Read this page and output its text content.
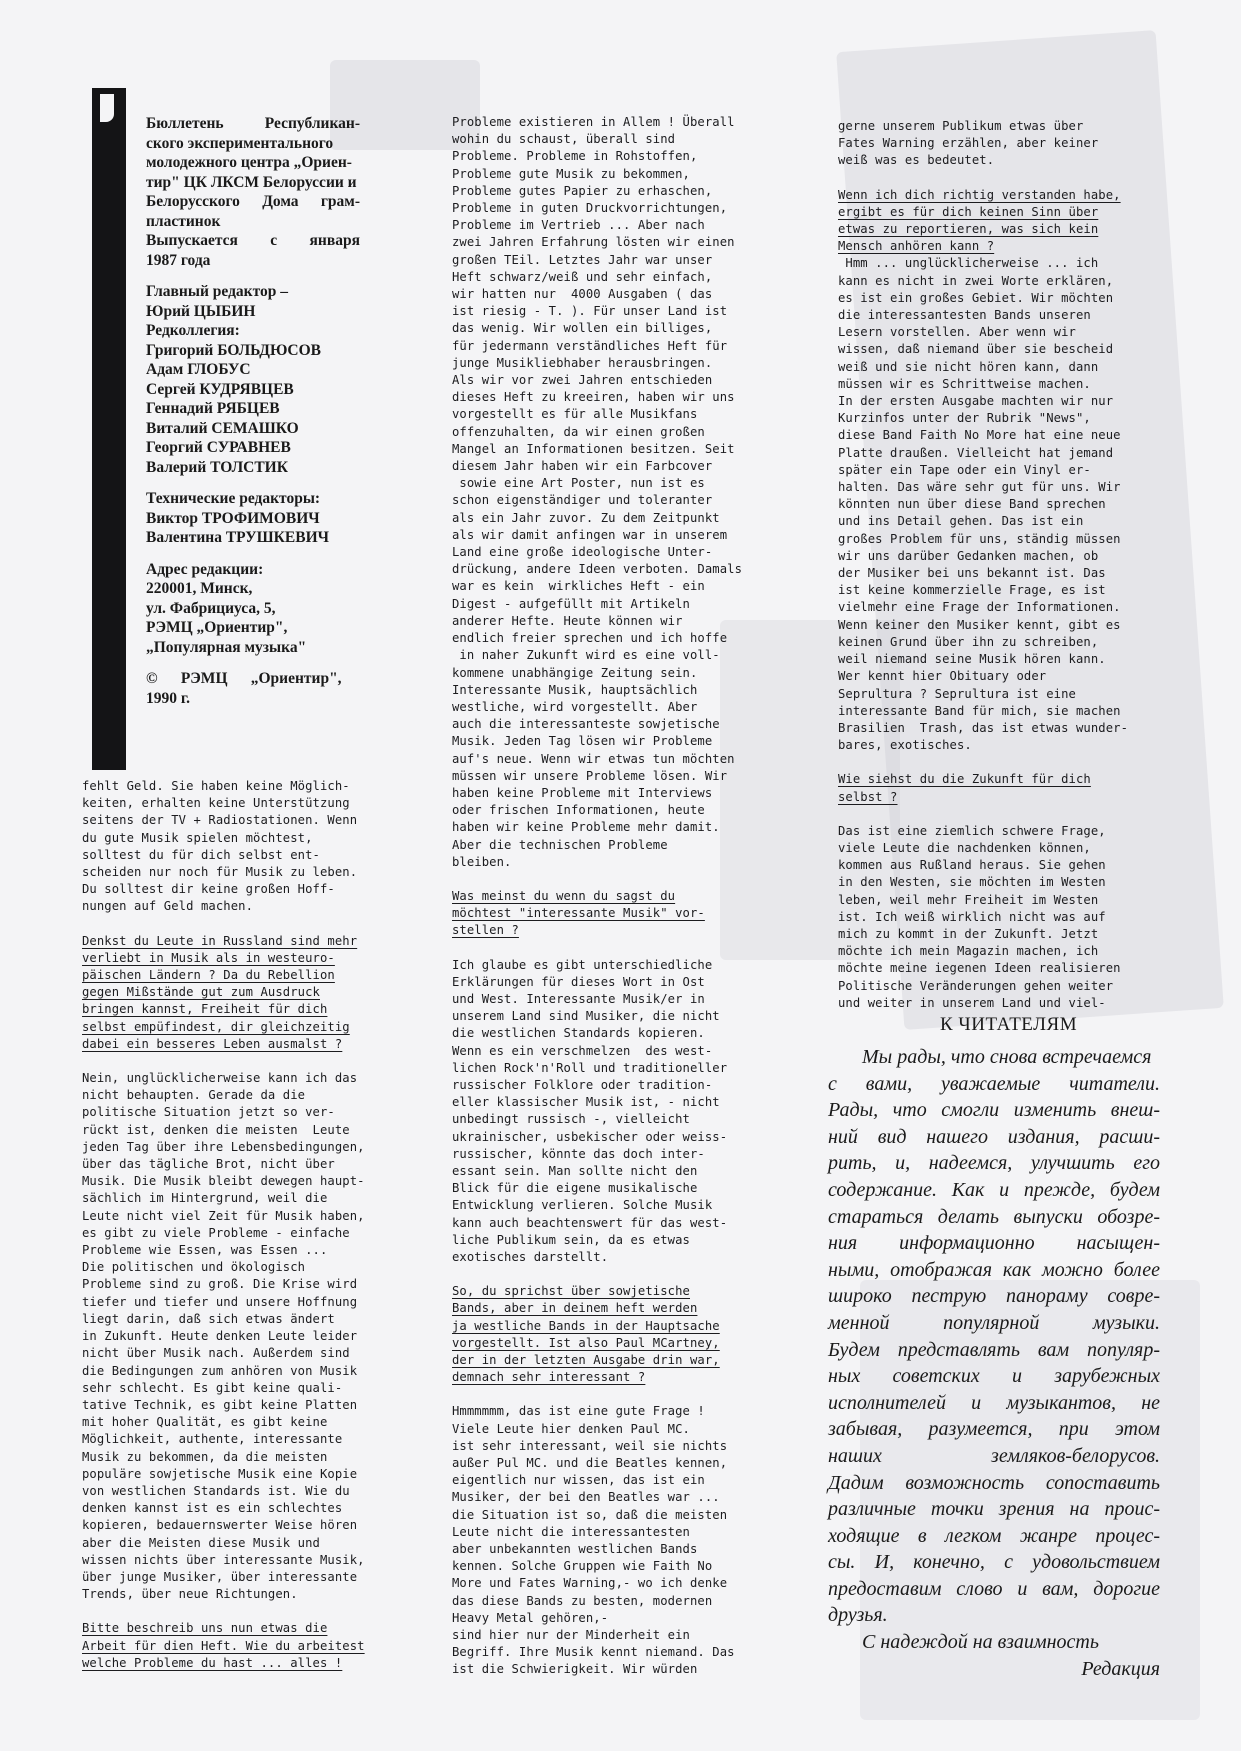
Бюллетень Республикан-
ского экспериментального
молодежного центра „Ориен-
тир" ЦК ЛКСМ Белоруссии и
Белорусского Дома грам-
пластинок
Выпускается с января
1987 года
Главный редактор –
Юрий ЦЫБИН
Редколлегия:
Григорий БОЛЬДЮСОВ
Адам ГЛОБУС
Сергей КУДРЯВЦЕВ
Геннадий РЯБЦЕВ
Виталий СЕМАШКО
Георгий СУРАВНЕВ
Валерий ТОЛСТИК
Технические редакторы:
Виктор ТРОФИМОВИЧ
Валентина ТРУШКЕВИЧ
Адрес редакции:
220001, Минск,
ул. Фабрициуса, 5,
РЭМЦ „Ориентир",
„Популярная музыка"
©      РЭМЦ      „Ориентир",
1990 г.
fehlt Geld. Sie haben keine Möglich-
keiten, erhalten keine Unterstützung
seitens der TV + Radiostationen. Wenn
du gute Musik spielen möchtest,
solltest du für dich selbst ent-
scheiden nur noch für Musik zu leben.
Du solltest dir keine großen Hoff-
nungen auf Geld machen.
Denkst du Leute in Russland sind mehr
verliebt in Musik als in westeuro-
päischen Ländern ? Da du Rebellion
gegen Mißstände gut zum Ausdruck
bringen kannst, Freiheit für dich
selbst empüfindest, dir gleichzeitig
dabei ein besseres Leben ausmalst ?
Nein, unglücklicherweise kann ich das
nicht behaupten. Gerade da die
politische Situation jetzt so ver-
rückt ist, denken die meisten  Leute
jeden Tag über ihre Lebensbedingungen,
über das tägliche Brot, nicht über
Musik. Die Musik bleibt dewegen haupt-
sächlich im Hintergrund, weil die
Leute nicht viel Zeit für Musik haben,
es gibt zu viele Probleme - einfache
Probleme wie Essen, was Essen ...
Die politischen und ökologisch
Probleme sind zu groß. Die Krise wird
tiefer und tiefer und unsere Hoffnung
liegt darin, daß sich etwas ändert
in Zukunft. Heute denken Leute leider
nicht über Musik nach. Außerdem sind
die Bedingungen zum anhören von Musik
sehr schlecht. Es gibt keine quali-
tative Technik, es gibt keine Platten
mit hoher Qualität, es gibt keine
Möglichkeit, authente, interessante
Musik zu bekommen, da die meisten
populäre sowjetische Musik eine Kopie
von westlichen Standards ist. Wie du
denken kannst ist es ein schlechtes
kopieren, bedauernswerter Weise hören
aber die Meisten diese Musik und
wissen nichts über interessante Musik,
über junge Musiker, über interessante
Trends, über neue Richtungen.
Bitte beschreib uns nun etwas die
Arbeit für dien Heft. Wie du arbeitest
welche Probleme du hast ... alles !
Probleme existieren in Allem ! Überall
wohin du schaust, überall sind
Probleme. Probleme in Rohstoffen,
Probleme gute Musik zu bekommen,
Probleme gutes Papier zu erhaschen,
Probleme in guten Druckvorrichtungen,
Probleme im Vertrieb ... Aber nach
zwei Jahren Erfahrung lösten wir einen
großen TEil. Letztes Jahr war unser
Heft schwarz/weiß und sehr einfach,
wir hatten nur  4000 Ausgaben ( das
ist riesig - T. ). Für unser Land ist
das wenig. Wir wollen ein billiges,
für jedermann verständliches Heft für
junge Musikliebhaber herausbringen.
Als wir vor zwei Jahren entschieden
dieses Heft zu kreeiren, haben wir uns
vorgestellt es für alle Musikfans
offenzuhalten, da wir einen großen
Mangel an Informationen besitzen. Seit
diesem Jahr haben wir ein Farbcover
sowie eine Art Poster, nun ist es
schon eigenständiger und toleranter
als ein Jahr zuvor. Zu dem Zeitpunkt
als wir damit anfingen war in unserem
Land eine große ideologische Unter-
drückung, andere Ideen verboten. Damals
war es kein  wirkliches Heft - ein
Digest - aufgefüllt mit Artikeln
anderer Hefte. Heute können wir
endlich freier sprechen und ich hoffe
in naher Zukunft wird es eine voll-
kommene unabhängige Zeitung sein.
Interessante Musik, hauptsächlich
westliche, wird vorgestellt. Aber
auch die interessanteste sowjetische
Musik. Jeden Tag lösen wir Probleme
auf's neue. Wenn wir etwas tun möchten
müssen wir unsere Probleme lösen. Wir
haben keine Probleme mit Interviews
oder frischen Informationen, heute
haben wir keine Probleme mehr damit.
Aber die technischen Probleme
bleiben.
Was meinst du wenn du sagst du
möchtest "interessante Musik" vor-
stellen ?
Ich glaube es gibt unterschiedliche
Erklärungen für dieses Wort in Ost
und West. Interessante Musik/er in
unserem Land sind Musiker, die nicht
die westlichen Standards kopieren.
Wenn es ein verschmelzen  des west-
lichen Rock'n'Roll und traditioneller
russischer Folklore oder tradition-
eller klassischer Musik ist, - nicht
unbedingt russisch -, vielleicht
ukrainischer, usbekischer oder weiss-
russischer, könnte das doch inter-
essant sein. Man sollte nicht den
Blick für die eigene musikalische
Entwicklung verlieren. Solche Musik
kann auch beachtenswert für das west-
liche Publikum sein, da es etwas
exotisches darstellt.
So, du sprichst über sowjetische
Bands, aber in deinem heft werden
ja westliche Bands in der Hauptsache
vorgestellt. Ist also Paul MCartney,
der in der letzten Ausgabe drin war,
demnach sehr interessant ?
Hmmmmmm, das ist eine gute Frage !
Viele Leute hier denken Paul MC.
ist sehr interessant, weil sie nichts
außer Pul MC. und die Beatles kennen,
eigentlich nur wissen, das ist ein
Musiker, der bei den Beatles war ...
die Situation ist so, daß die meisten
Leute nicht die interessantesten
aber unbekannten westlichen Bands
kennen. Solche Gruppen wie Faith No
More und Fates Warning,- wo ich denke
das diese Bands zu besten, modernen
Heavy Metal gehören,-
sind hier nur der Minderheit ein
Begriff. Ihre Musik kennt niemand. Das
ist die Schwierigkeit. Wir würden
gerne unserem Publikum etwas über
Fates Warning erzählen, aber keiner
weiß was es bedeutet.
Wenn ich dich richtig verstanden habe,
ergibt es für dich keinen Sinn über
etwas zu reportieren, was sich kein
Mensch anhören kann ?
Hmm ... unglücklicherweise ... ich
kann es nicht in zwei Worte erklären,
es ist ein großes Gebiet. Wir möchten
die interessantesten Bands unseren
Lesern vorstellen. Aber wenn wir
wissen, daß niemand über sie bescheid
weiß und sie nicht hören kann, dann
müssen wir es Schrittweise machen.
In der ersten Ausgabe machten wir nur
Kurzinfos unter der Rubrik "News",
diese Band Faith No More hat eine neue
Platte draußen. Vielleicht hat jemand
später ein Tape oder ein Vinyl er-
halten. Das wäre sehr gut für uns. Wir
könnten nun über diese Band sprechen
und ins Detail gehen. Das ist ein
großes Problem für uns, ständig müssen
wir uns darüber Gedanken machen, ob
der Musiker bei uns bekannt ist. Das
ist keine kommerzielle Frage, es ist
vielmehr eine Frage der Informationen.
Wenn keiner den Musiker kennt, gibt es
keinen Grund über ihn zu schreiben,
weil niemand seine Musik hören kann.
Wer kennt hier Obituary oder
Seprultura ? Seprultura ist eine
interessante Band für mich, sie machen
Brasilien  Trash, das ist etwas wunder-
bares, exotisches.
Wie siehst du die Zukunft für dich
selbst ?
Das ist eine ziemlich schwere Frage,
viele Leute die nachdenken können,
kommen aus Rußland heraus. Sie gehen
in den Westen, sie möchten im Westen
leben, weil mehr Freiheit im Westen
ist. Ich weiß wirklich nicht was auf
mich zu kommt in der Zukunft. Jetzt
möchte ich mein Magazin machen, ich
möchte meine iegenen Ideen realisieren
Politische Veränderungen gehen weiter
und weiter in unserem Land und viel-
К ЧИТАТЕЛЯМ
Мы рады, что снова встречаемся
с вами, уважаемые читатели.
Рады, что смогли изменить внеш-
ний вид нашего издания, расши-
рить, и, надеемся, улучшить его
содержание. Как и прежде, будем
стараться делать выпуски обозре-
ния информационно насыщен-
ными, отображая как можно более
широко пеструю панораму совре-
менной популярной музыки.
Будем представлять вам популяр-
ных советских и зарубежных
исполнителей и музыкантов, не
забывая, разумеется, при этом
наших земляков-белорусов.
Дадим возможность сопоставить
различные точки зрения на проис-
ходящие в легком жанре процес-
сы. И, конечно, с удовольствием
предоставим слово и вам, дорогие
друзья.
С надеждой на взаимность
Редакция
